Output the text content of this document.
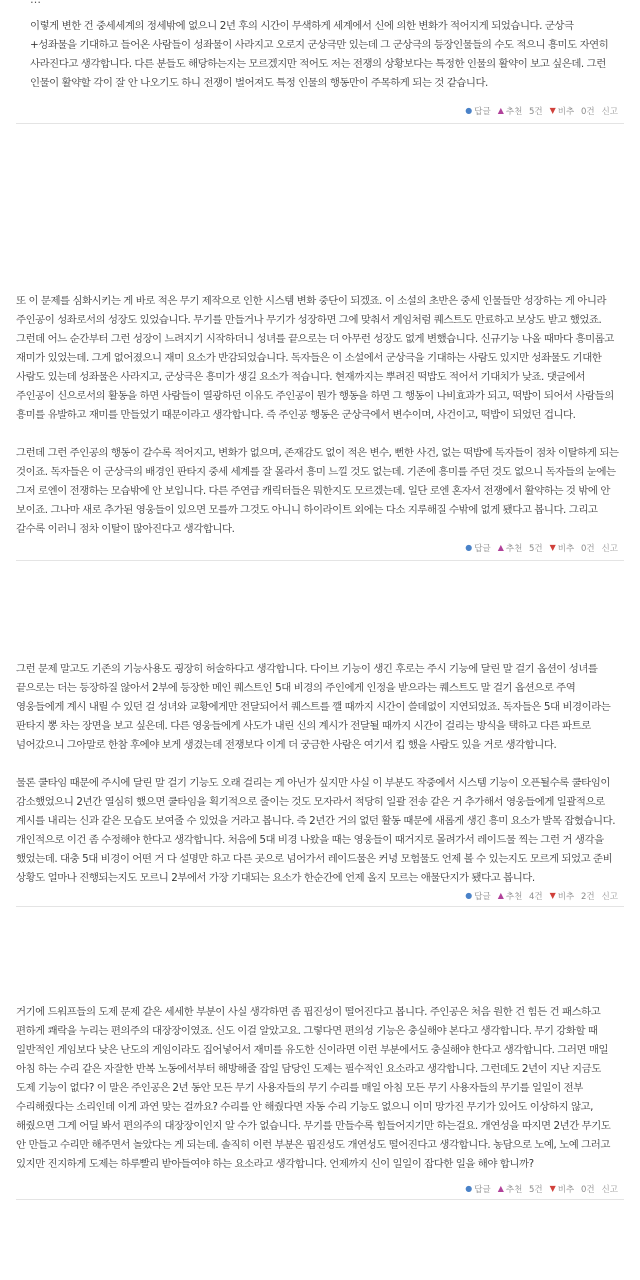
이렇게 변한 건 중세세계의 정세밖에 없으니 2년 후의 시간이 무색하게 세계에서 신에 의한 변화가 적어지게 되었습니다. 군상극+성좌물을 기대하고 들어온 사람들이 성좌물이 사라지고 오로지 군상극만 있는데 그 군상극의 등장인물들의 수도 적으니 흥미도 자연히 사라진다고 생각합니다. 다른 분들도 해당하는지는 모르겠지만 적어도 저는 전쟁의 상황보다는 특정한 인물의 활약이 보고 싶은데. 그런 인물이 활약할 각이 잘 안 나오기도 하니 전쟁이 벌어져도 특정 인물의 행동만이 주목하게 되는 것 같습니다.

● 답글 ▲ 추천
5건 ▼ 비추
0건 신고

또 이 문제를 심화시키는 게 바로 적은 무기 제작으로 인한 시스템 변화 중단이 되겠죠. 이 소설의 초반은 중세 인물들만 성장하는 게 아니라 주인공이 성좌로서의 성장도 있었습니다. 무기를 만들거나 무기가 성장하면 그에 맞춰서 게임처럼 퀘스트도 만료하고 보상도 받고 했었죠. 그런데 어느 순간부터 그런 성장이 느려지기 시작하더니 성녀를 끝으로는 더 아무런 성장도 없게 변했습니다. 신규기능 나올 때마다 흥미롭고 재미가 있었는데. 그게 없어졌으니 재미 요소가 반감되었습니다. 독자들은 이 소설에서 군상극을 기대하는 사람도 있지만 성좌물도 기대한 사람도 있는데 성좌물은 사라지고, 군상극은 흥미가 생길 요소가 적습니다. 현재까지는 뿌려진 떡밥도 적어서 기대치가 낮죠. 댓글에서 주인공이 신으로서의 활동을 하면 사람들이 열광하던 이유도 주인공이 뭔가 행동을 하면 그 행동이 나비효과가 되고, 떡밥이 되어서 사람들의 흥미를 유발하고 재미를 만들었기 때문이라고 생각합니다. 즉 주인공 행동은 군상극에서 변수이며, 사건이고, 떡밥이 되었던 겁니다.

그런데 그런 주인공의 행동이 갈수록 적어지고, 변화가 없으며, 존재감도 없이 적은 변수, 뻔한 사건, 없는 떡밥에 독자들이 점차 이탈하게 되는 것이죠. 독자들은 이 군상극의 배경인 판타지 중세 세계를 잘 몰라서 흥미 느낄 것도 없는데. 기존에 흥미를 주던 것도 없으니 독자들의 눈에는 그저 로엔이 전쟁하는 모습밖에 안 보입니다. 다른 주연급 캐릭터들은 뭐한지도 모르겠는데. 일단 로엔 혼자서 전쟁에서 활약하는 것 밖에 안 보이죠. 그나마 새로 추가된 영웅들이 있으면 모를까 그것도 아니니 하이라이트 외에는 다소 지루해질 수밖에 없게 됐다고 봅니다. 그리고 갈수록 이러니 점차 이탈이 많아진다고 생각합니다.

● 답글 ▲ 추천
5건 ▼ 비추
0건 신고

그런 문제 말고도 기존의 기능사용도 굉장히 허술하다고 생각합니다. 다이브 기능이 생긴 후로는 주시 기능에 달린 말 걸기 옵션이 성녀를 끝으로는 더는 등장하질 않아서 2부에 등장한 메인 퀘스트인 5대 비경의 주인에게 인정을 받으라는 퀘스트도 말 걸기 옵션으로 주역 영웅들에게 계시 내릴 수 있던 걸 성녀와 교황에게만 전달되어서 퀘스트를 깰 때까지 시간이 쓸데없이 지연되었죠. 독자들은 5대 비경이라는 판타지 뽕 차는 장면을 보고 싶은데. 다른 영웅들에게 사도가 내린 신의 계시가 전달될 때까지 시간이 걸리는 방식을 택하고 다른 파트로 넘어갔으니 그아말로 한참 후에야 보게 생겼는데 전쟁보다 이게 더 궁금한 사람은 여기서 킵 했을 사람도 있을 거로 생각합니다.

물론 쿨타임 때문에 주시에 달린 말 걸기 기능도 오래 걸리는 게 아닌가 싶지만 사실 이 부분도 작중에서 시스템 기능이 오픈될수록 쿨타임이 감소했었으니 2년간 열심히 했으면 쿨타임을 획기적으로 줄이는 것도 모자라서 적당히 일괄 전송 같은 거 추가해서 영웅들에게 일괄적으로 계시를 내리는 신과 같은 모습도 보여줄 수 있었을 거라고 봅니다. 즉 2년간 거의 없던 활동 때문에 새롭게 생긴 흥미 요소가 발목 잡혔습니다. 개인적으로 이건 좀 수정해야 한다고 생각합니다. 처음에 5대 비경 나왔을 때는 영웅들이 때거지로 몰려가서 레이드물 찍는 그런 거 생각을 했었는데. 대충 5대 비경이 어떤 거 다 설명만 하고 다른 곳으로 넘어가서 레이드물은 커녕 모험물도 언제 볼 수 있는지도 모르게 되었고 준비 상황도 얼마나 진행되는지도 모르니 2부에서 가장 기대되는 요소가 한순간에 언제 올지 모르는 애물단지가 됐다고 봅니다.

● 답글 ▲ 추천
4건 ▼ 비추
2건 신고

거기에 드워프들의 도제 문제 같은 세세한 부분이 사실 생각하면 좀 핍진성이 떨어진다고 봅니다. 주인공은 처음 원한 건 힘든 건 패스하고 편하게 쾌락을 누리는 편의주의 대장장이였죠. 신도 이걸 알았고요. 그렇다면 편의성 기능은 충실해야 본다고 생각합니다. 무기 강화할 때 일반적인 게임보다 낮은 난도의 게임이라도 집어넣어서 재미를 유도한 신이라면 이런 부분에서도 충실해야 한다고 생각합니다. 그러면 매일 아침 하는 수리 같은 자잘한 반복 노동에서부터 해방해줄 잡일 담당인 도제는 필수적인 요소라고 생각합니다. 그런데도 2년이 지난 지금도 도제 기능이 없다? 이 말은 주인공은 2년 동안 모든 무기 사용자들의 무기 수리를 매일 아침 모든 무기 사용자들의 무기를 일일이 전부 수리해줬다는 소리인데 이게 과연 맞는 걸까요? 수리를 안 해줬다면 자동 수리 기능도 없으니 이미 망가진 무기가 있어도 이상하지 않고, 해줬으면 그게 어딜 봐서 편의주의 대장장이인지 알 수가 없습니다. 무기를 만들수록 힘들어지기만 하는걸요. 개연성을 따지면 2년간 무기도 안 만들고 수리만 해주면서 놀았다는 게 되는데. 솔직히 이런 부분은 핍진성도 개연성도 떨어진다고 생각합니다. 농담으로 노예, 노예 그러고 있지만 진지하게 도제는 하루빨리 받아들여야 하는 요소라고 생각합니다. 언제까지 신이 일일이 잡다한 일을 해야 합니까?

● 답글 ▲ 추천
5건 ▼ 비추
0건 신고
